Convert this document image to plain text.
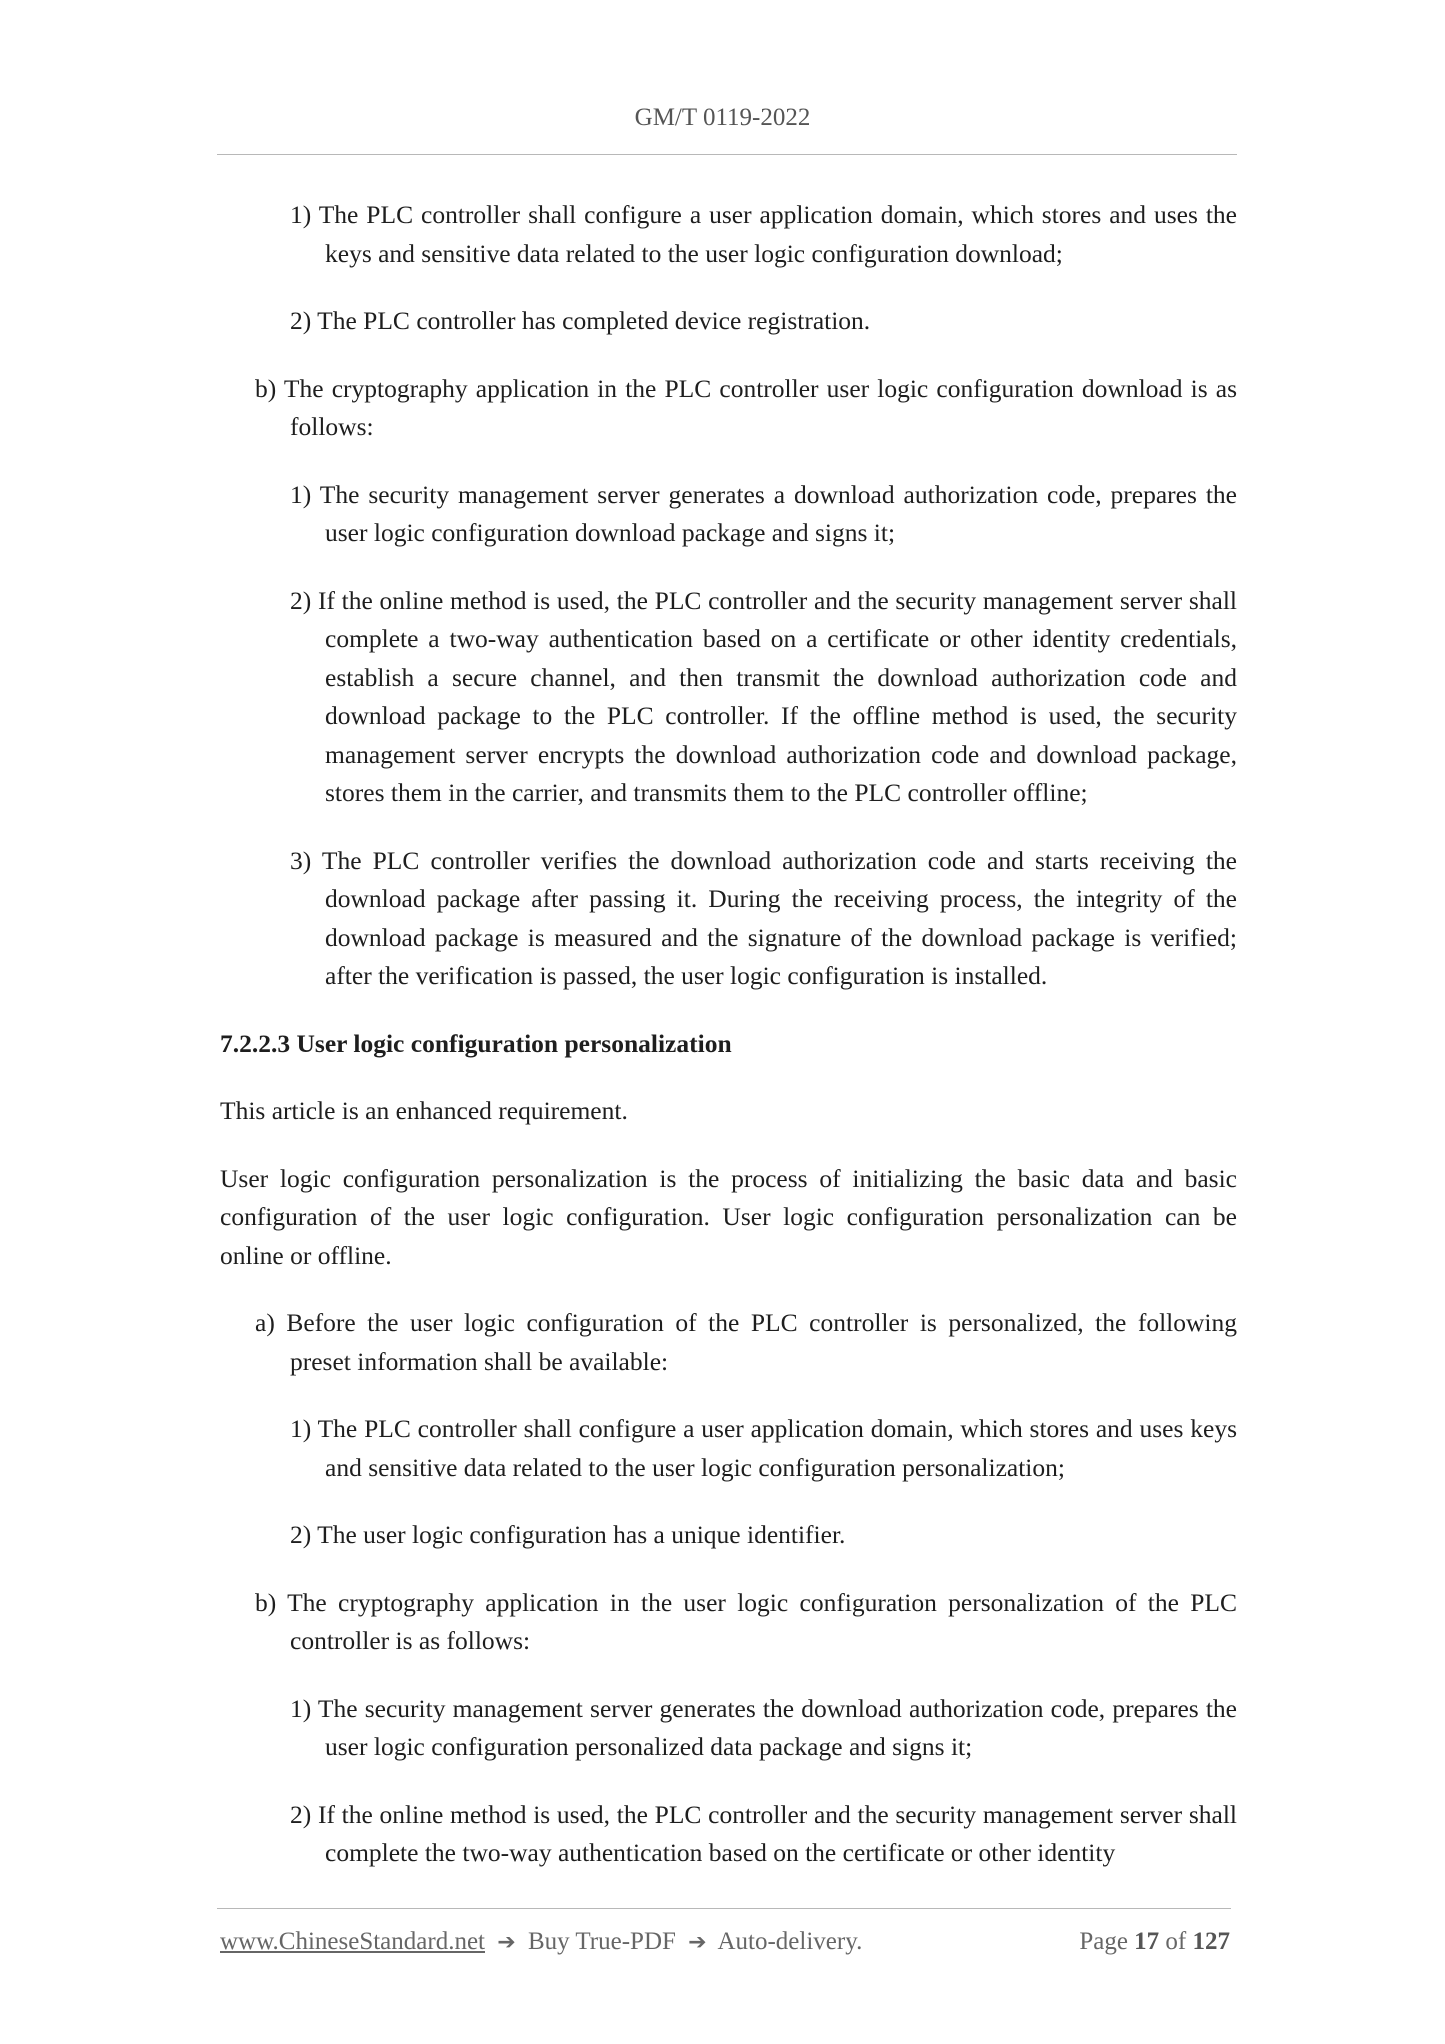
GM/T 0119-2022

1) The PLC controller shall configure a user application domain, which stores and uses the keys and sensitive data related to the user logic configuration download;

2) The PLC controller has completed device registration.

b) The cryptography application in the PLC controller user logic configuration download is as follows:

1) The security management server generates a download authorization code, prepares the user logic configuration download package and signs it;

2) If the online method is used, the PLC controller and the security management server shall complete a two-way authentication based on a certificate or other identity credentials, establish a secure channel, and then transmit the download authorization code and download package to the PLC controller. If the offline method is used, the security management server encrypts the download authorization code and download package, stores them in the carrier, and transmits them to the PLC controller offline;

3) The PLC controller verifies the download authorization code and starts receiving the download package after passing it. During the receiving process, the integrity of the download package is measured and the signature of the download package is verified; after the verification is passed, the user logic configuration is installed.

7.2.2.3 User logic configuration personalization

This article is an enhanced requirement.

User logic configuration personalization is the process of initializing the basic data and basic configuration of the user logic configuration. User logic configuration personalization can be online or offline.

a) Before the user logic configuration of the PLC controller is personalized, the following preset information shall be available:

1) The PLC controller shall configure a user application domain, which stores and uses keys and sensitive data related to the user logic configuration personalization;

2) The user logic configuration has a unique identifier.

b) The cryptography application in the user logic configuration personalization of the PLC controller is as follows:

1) The security management server generates the download authorization code, prepares the user logic configuration personalized data package and signs it;

2) If the online method is used, the PLC controller and the security management server shall complete the two-way authentication based on the certificate or other identity

www.ChineseStandard.net ➔ Buy True-PDF ➔ Auto-delivery.	Page 17 of 127
